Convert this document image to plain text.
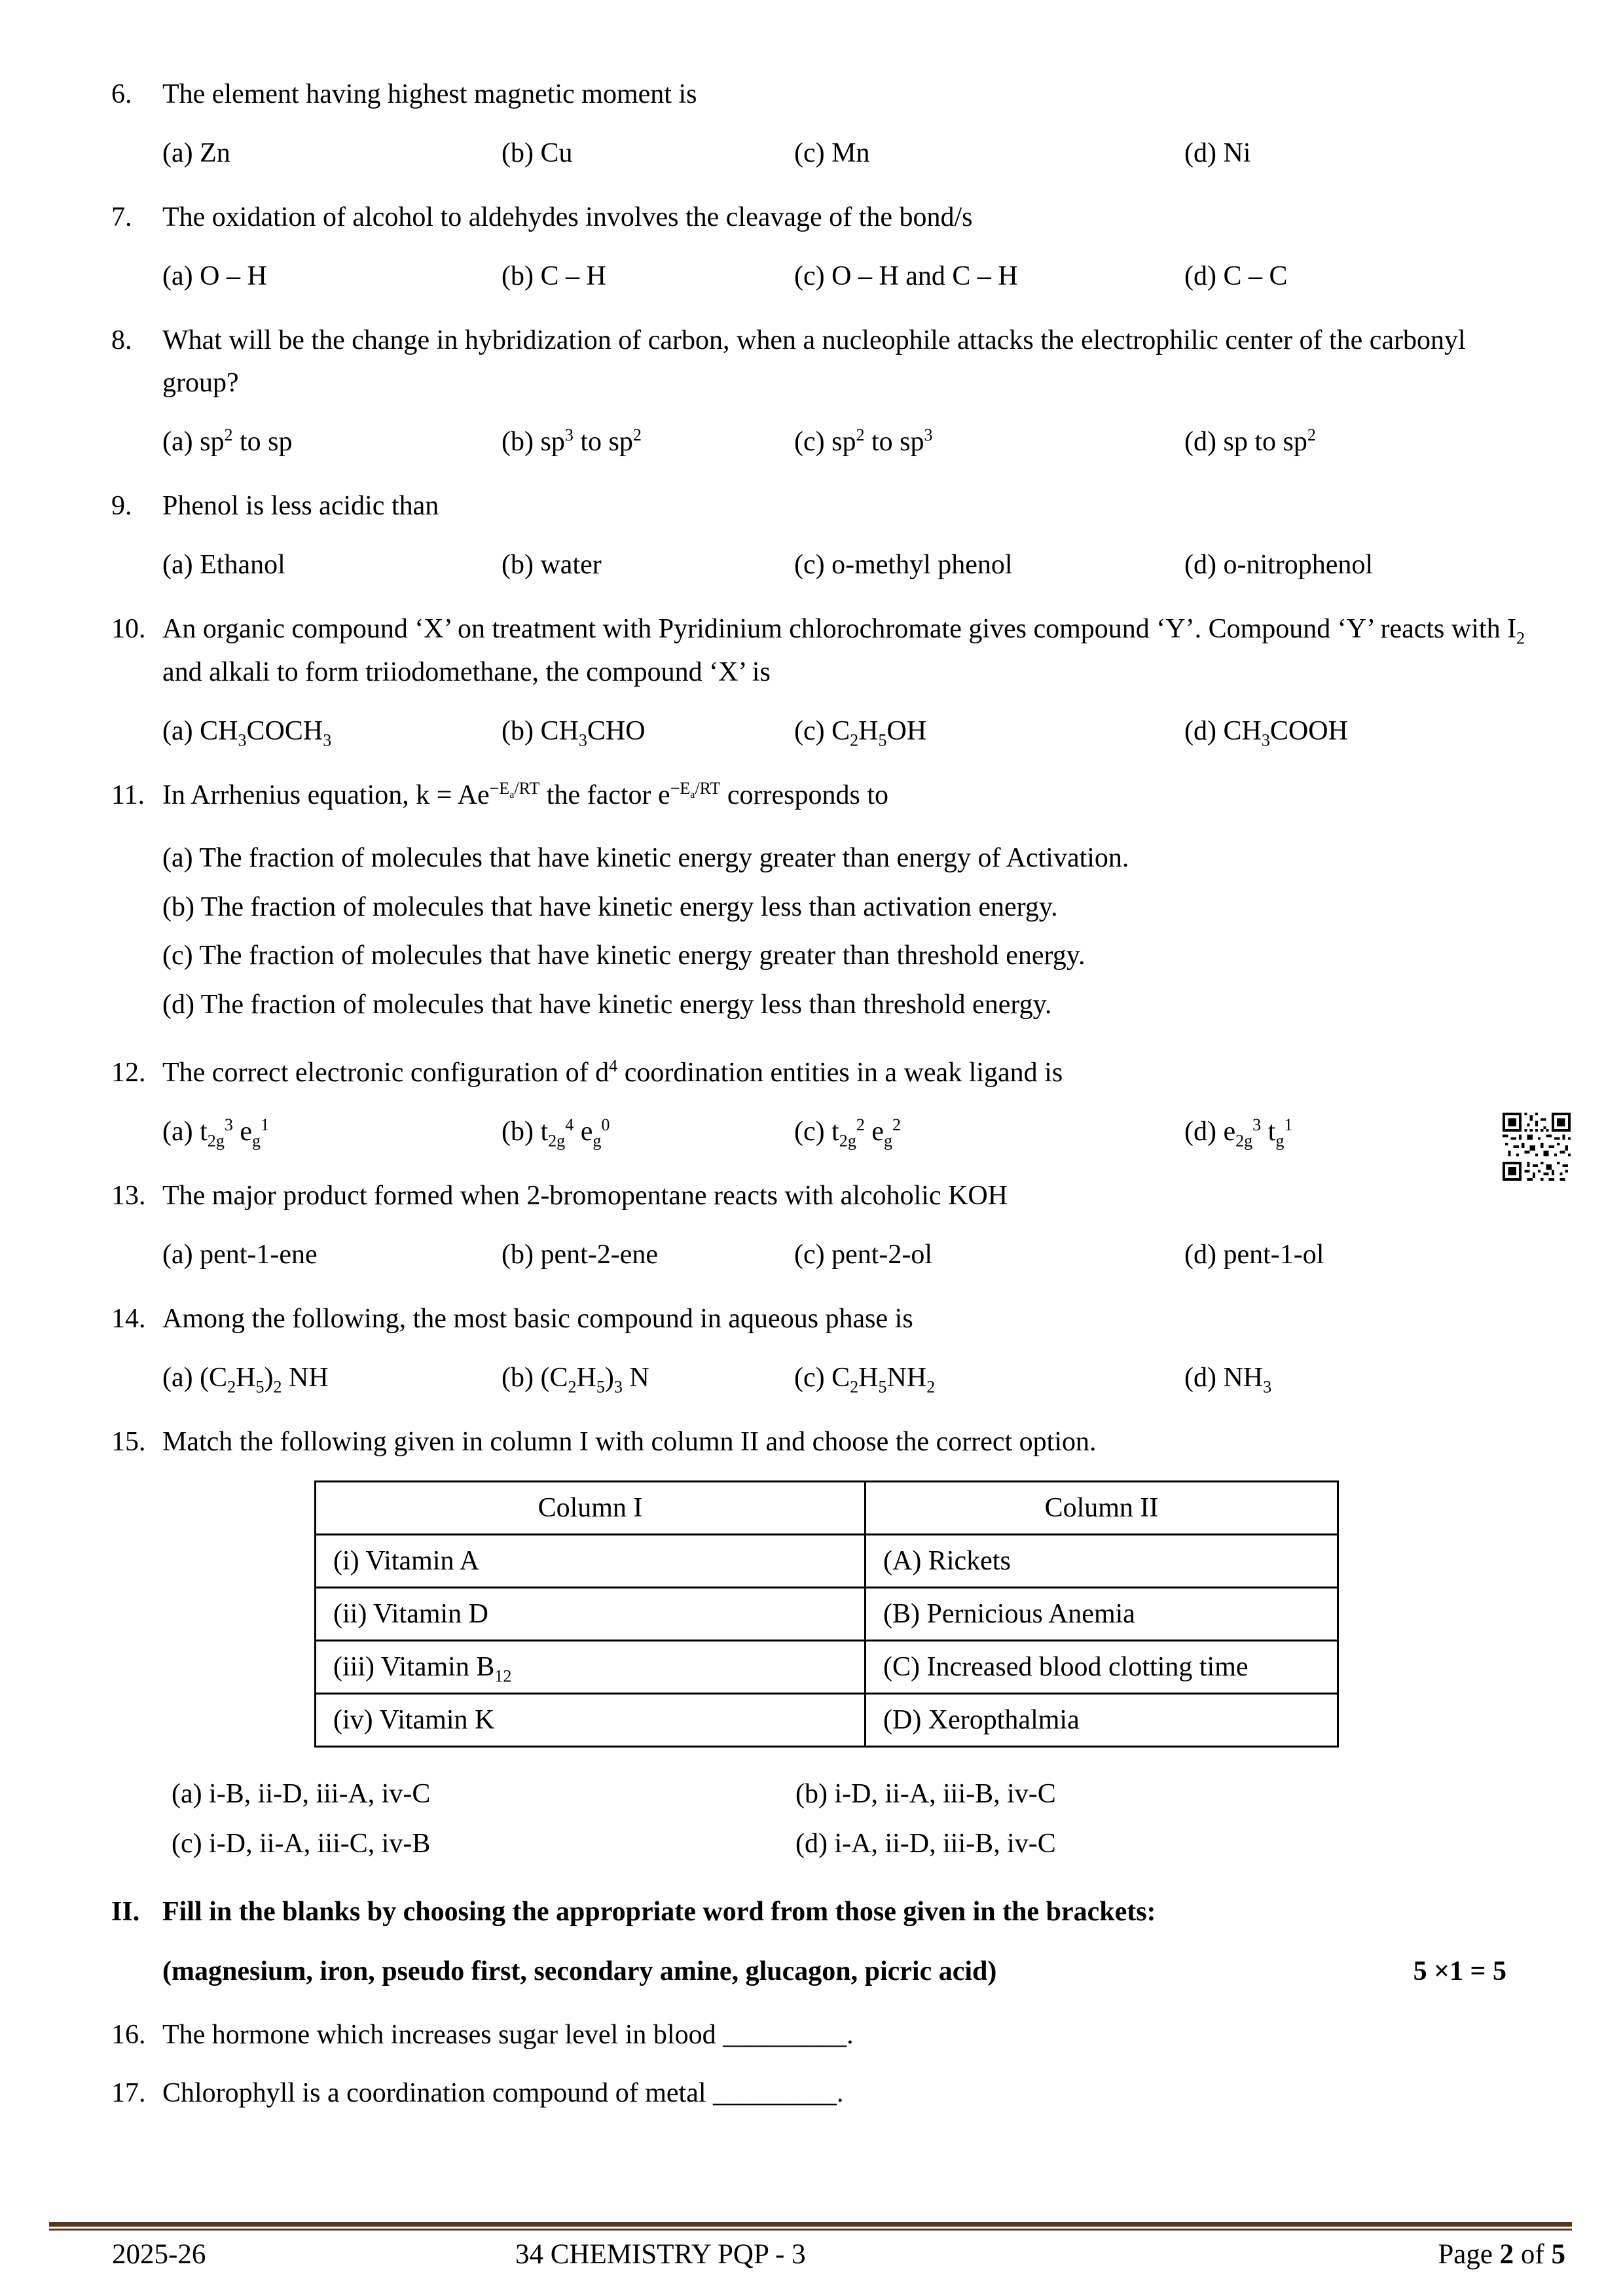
6.	The element having highest magnetic moment is
(a) Zn	(b) Cu	(c) Mn	(d) Ni
7.	The oxidation of alcohol to aldehydes involves the cleavage of the bond/s
(a) O – H	(b) C – H	(c) O – H and C – H	(d) C – C
8.	What will be the change in hybridization of carbon, when a nucleophile attacks the electrophilic center of the carbonyl group?
(a) $sp^2$ to sp	(b) $sp^3$ to $sp^2$	(c) $sp^2$ to $sp^3$	(d) sp to $sp^2$
9.	Phenol is less acidic than
(a) Ethanol	(b) water	(c) o-methyl phenol	(d) o-nitrophenol
10. An organic compound ‘X’ on treatment with Pyridinium chlorochromate gives compound ‘Y’. Compound ‘Y’ reacts with $I_2$ and alkali to form triiodomethane, the compound ‘X’ is
(a) $CH_3COCH_3$	(b) $CH_3CHO$	(c) $C_2H_5OH$	(d) $CH_3COOH$
11. In Arrhenius equation, $k = Ae^{-E_a/RT}$ the factor $e^{-E_a/RT}$ corresponds to
(a) The fraction of molecules that have kinetic energy greater than energy of Activation.
(b) The fraction of molecules that have kinetic energy less than activation energy.
(c) The fraction of molecules that have kinetic energy greater than threshold energy.
(d) The fraction of molecules that have kinetic energy less than threshold energy.
12. The correct electronic configuration of $d^4$ coordination entities in a weak ligand is
(a) $t_{2g}^3$ $e_g^1$	(b) $t_{2g}^4$ $e_g^0$	(c) $t_{2g}^2$ $e_g^2$	(d) $e_{2g}^3$ $t_g^1$
13. The major product formed when 2-bromopentane reacts with alcoholic KOH
(a) pent-1-ene	(b) pent-2-ene	(c) pent-2-ol	(d) pent-1-ol
14. Among the following, the most basic compound in aqueous phase is
(a) $(C_2H_5)_2$ NH	(b) $(C_2H_5)_3$ N	(c) $C_2H_5NH_2$	(d) $NH_3$
15. Match the following given in column I with column II and choose the correct option.
Column I	Column II
(i) Vitamin A	(A) Rickets
(ii) Vitamin D	(B) Pernicious Anemia
(iii) Vitamin $B_{12}$	(C) Increased blood clotting time
(iv) Vitamin K	(D) Xeropthalmia
(a) i-B, ii-D, iii-A, iv-C	(b) i-D, ii-A, iii-B, iv-C
(c) i-D, ii-A, iii-C, iv-B	(d) i-A, ii-D, iii-B, iv-C
II. Fill in the blanks by choosing the appropriate word from those given in the brackets:
(magnesium, iron, pseudo first, secondary amine, glucagon, picric acid)	5 ×1 = 5
16. The hormone which increases sugar level in blood _________.
17. Chlorophyll is a coordination compound of metal _________.
2025-26	34 CHEMISTRY PQP - 3	Page 2 of 5
